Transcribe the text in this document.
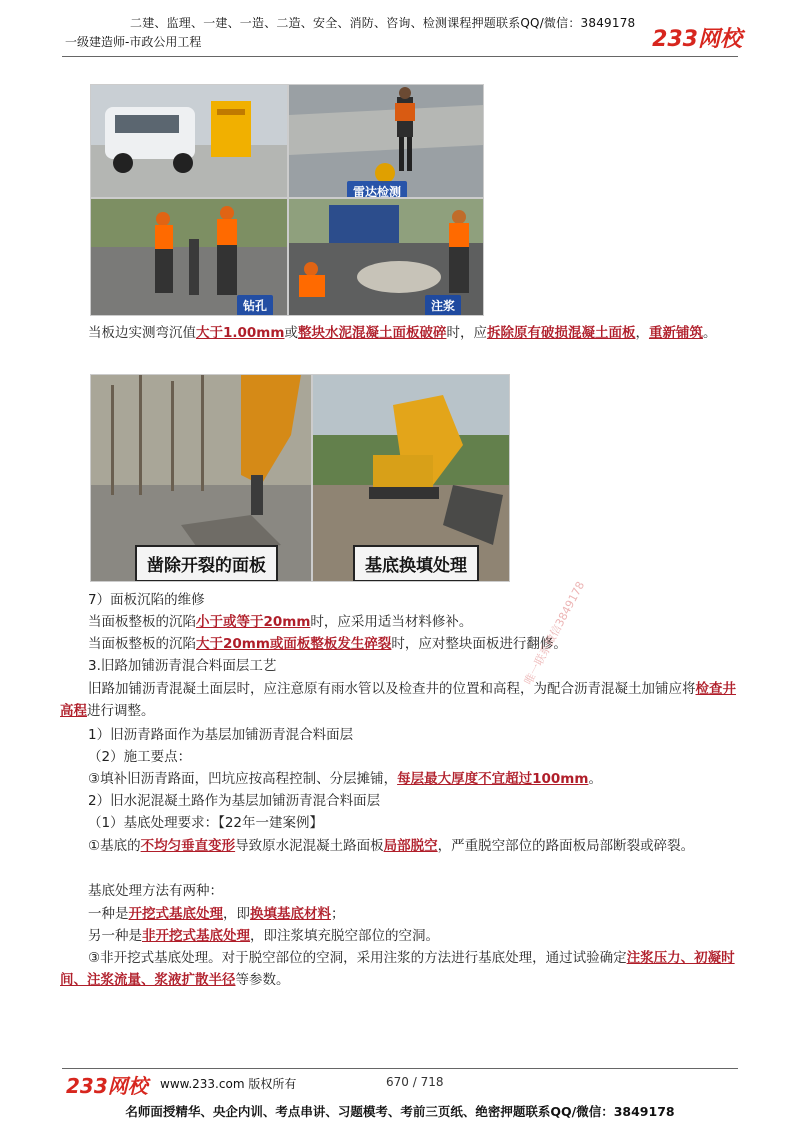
二建、监理、一建、一造、二造、安全、消防、咨询、检测课程押题联系QQ/微信：3849178
一级建造师-市政公用工程	233网校
雷达检测
钻孔	注浆
当板边实测弯沉值大于1.00mm或整块水泥混凝土面板破碎时，应拆除原有破损混凝土面板，重新铺筑。
凿除开裂的面板	基底换填处理
7）面板沉陷的维修
当面板整板的沉陷小于或等于20mm时，应采用适当材料修补。
当面板整板的沉陷大于20mm或面板整板发生碎裂时，应对整块面板进行翻修。
3.旧路加铺沥青混合料面层工艺
旧路加铺沥青混凝土面层时，应注意原有雨水管以及检查井的位置和高程，为配合沥青混凝土加铺应将检查井高程进行调整。
1）旧沥青路面作为基层加铺沥青混合料面层
（2）施工要点：
③填补旧沥青路面，凹坑应按高程控制、分层摊铺，每层最大厚度不宜超过100mm。
2）旧水泥混凝土路作为基层加铺沥青混合料面层
（1）基底处理要求：【22年一建案例】
①基底的不均匀垂直变形导致原水泥混凝土路面板局部脱空，严重脱空部位的路面板局部断裂或碎裂。
基底处理方法有两种：
一种是开挖式基底处理，即换填基底材料；
另一种是非开挖式基底处理，即注浆填充脱空部位的空洞。
③非开挖式基底处理。对于脱空部位的空洞，采用注浆的方法进行基底处理，通过试验确定注浆压力、初凝时间、注浆流量、浆液扩散半径等参数。
唯一联系微信3849178
233网校 www.233.com 版权所有	670 / 718
名师面授精华、央企内训、考点串讲、习题模考、考前三页纸、绝密押题联系QQ/微信：3849178
